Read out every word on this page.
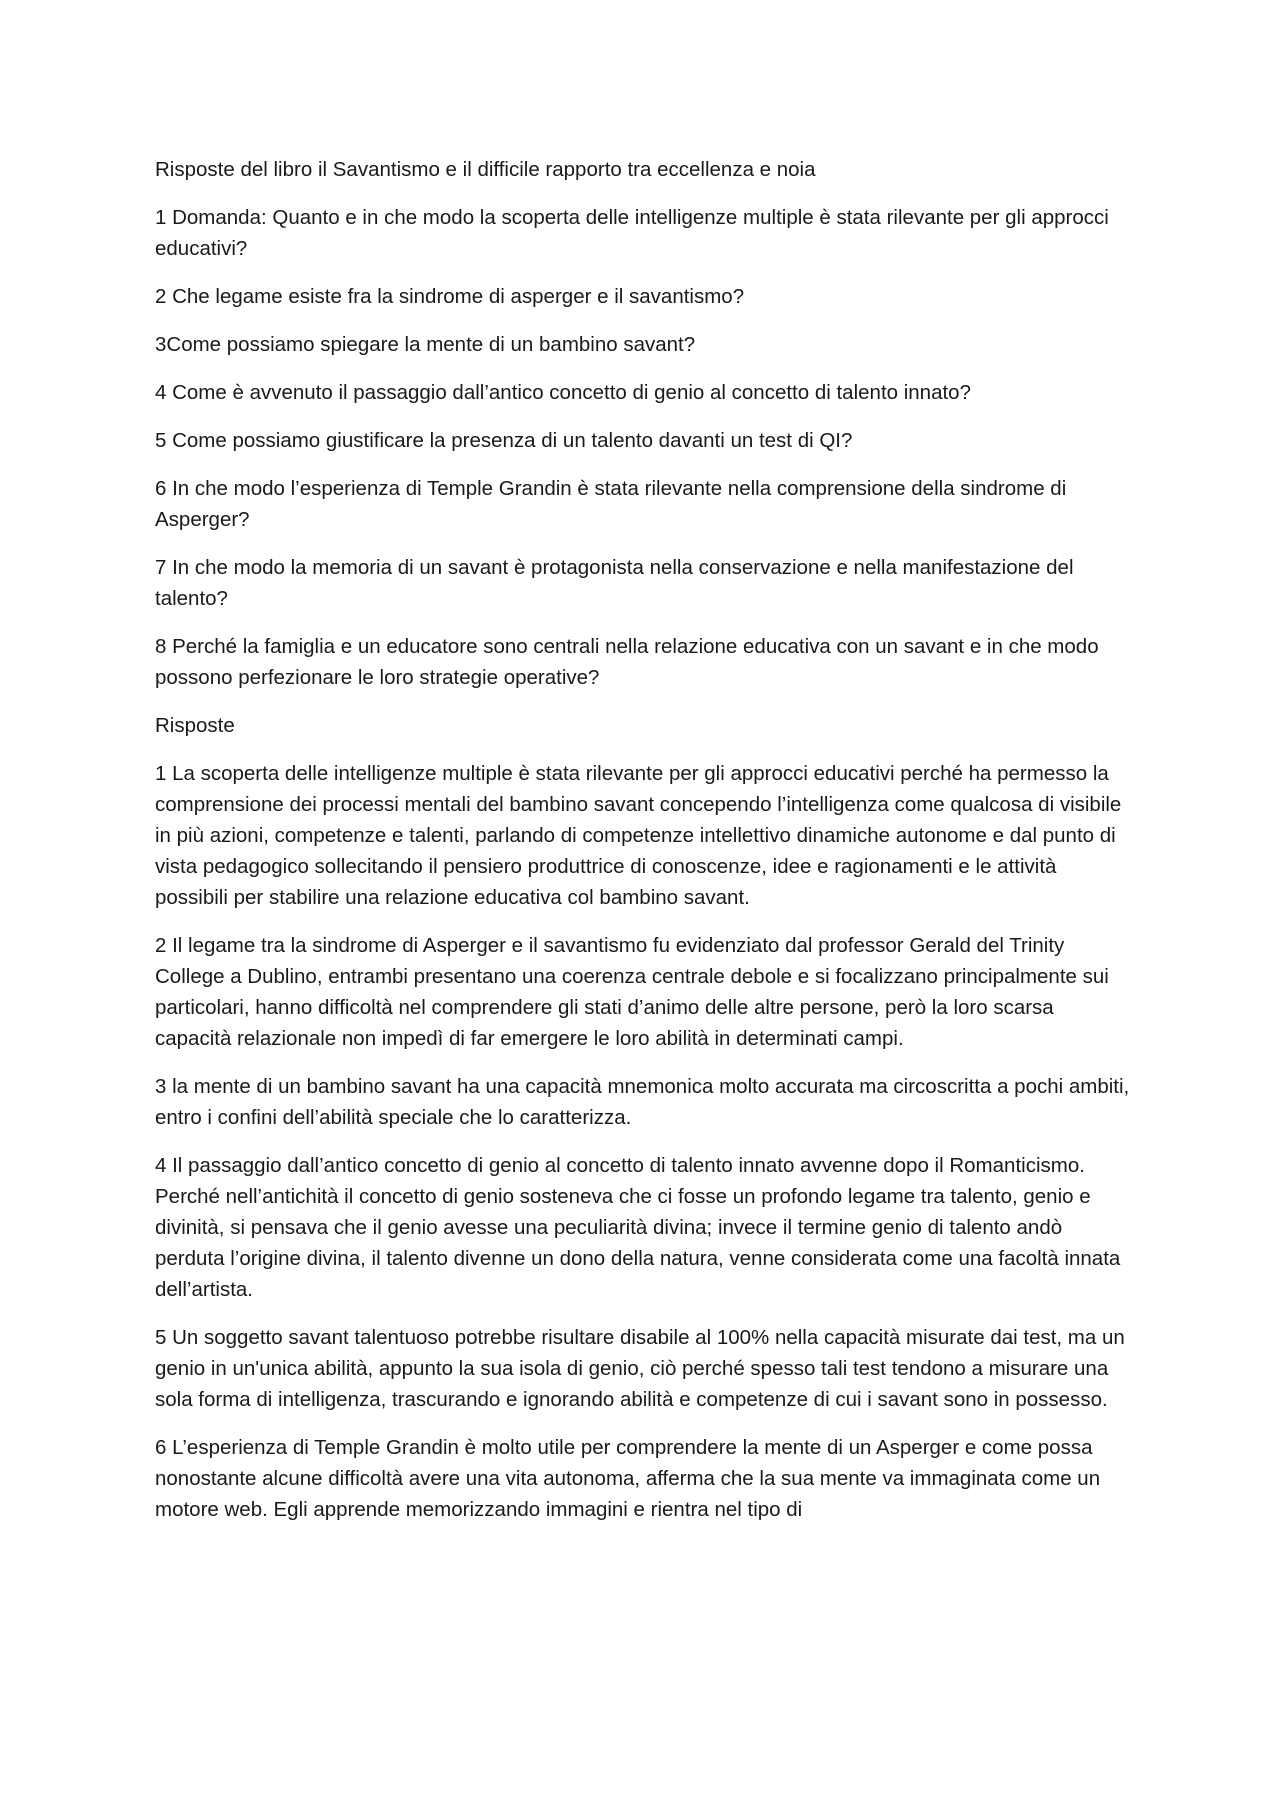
Risposte del libro il Savantismo e il difficile rapporto tra eccellenza e noia

1 Domanda: Quanto e in che modo la scoperta delle intelligenze multiple è stata rilevante per gli approcci educativi?

2 Che legame esiste fra la sindrome di asperger e il savantismo?

3Come possiamo spiegare la mente di un bambino savant?

4 Come è avvenuto il passaggio dall’antico concetto di genio al concetto di talento innato?

5 Come possiamo giustificare la presenza di un talento davanti un test di QI?

6 In che modo l’esperienza di Temple Grandin è stata rilevante nella comprensione della sindrome di Asperger?

7 In che modo la memoria di un savant è protagonista nella conservazione e nella manifestazione del talento?

8 Perché la famiglia e un educatore sono centrali nella relazione educativa con un savant e in che modo possono perfezionare le loro strategie operative?

Risposte

1 La scoperta delle intelligenze multiple è stata rilevante per gli approcci educativi perché ha permesso la comprensione dei processi mentali del bambino savant concependo l’intelligenza come qualcosa di visibile in più azioni, competenze e talenti, parlando di competenze intellettivo dinamiche autonome e dal punto di vista pedagogico sollecitando il pensiero produttrice di conoscenze, idee e ragionamenti e le attività possibili per stabilire una relazione educativa col bambino savant.

2 Il legame tra la sindrome di Asperger e il savantismo fu evidenziato dal professor Gerald del Trinity College a Dublino, entrambi presentano una coerenza centrale debole e si focalizzano principalmente sui particolari, hanno difficoltà nel comprendere gli stati d’animo delle altre persone, però la loro scarsa capacità relazionale non impedì di far emergere le loro abilità in determinati campi.

3 la mente di un bambino savant ha una capacità mnemonica molto accurata ma circoscritta a pochi ambiti, entro i confini dell’abilità speciale che lo caratterizza.

4 Il passaggio dall’antico concetto di genio al concetto di talento innato avvenne dopo il Romanticismo. Perché nell’antichità il concetto di genio sosteneva che ci fosse un profondo legame tra talento, genio e divinità, si pensava che il genio avesse una peculiarità divina; invece il termine genio di talento andò perduta l’origine divina, il talento divenne un dono della natura, venne considerata come una facoltà innata dell’artista.

5 Un soggetto savant talentuoso potrebbe risultare disabile al 100% nella capacità misurate dai test, ma un genio in un'unica abilità, appunto la sua isola di genio, ciò perché spesso tali test tendono a misurare una sola forma di intelligenza, trascurando e ignorando abilità e competenze di cui i savant sono in possesso.

6 L’esperienza di Temple Grandin è molto utile per comprendere la mente di un Asperger e come possa nonostante alcune difficoltà avere una vita autonoma, afferma che la sua mente va immaginata come un motore web. Egli apprende memorizzando immagini e rientra nel tipo di
